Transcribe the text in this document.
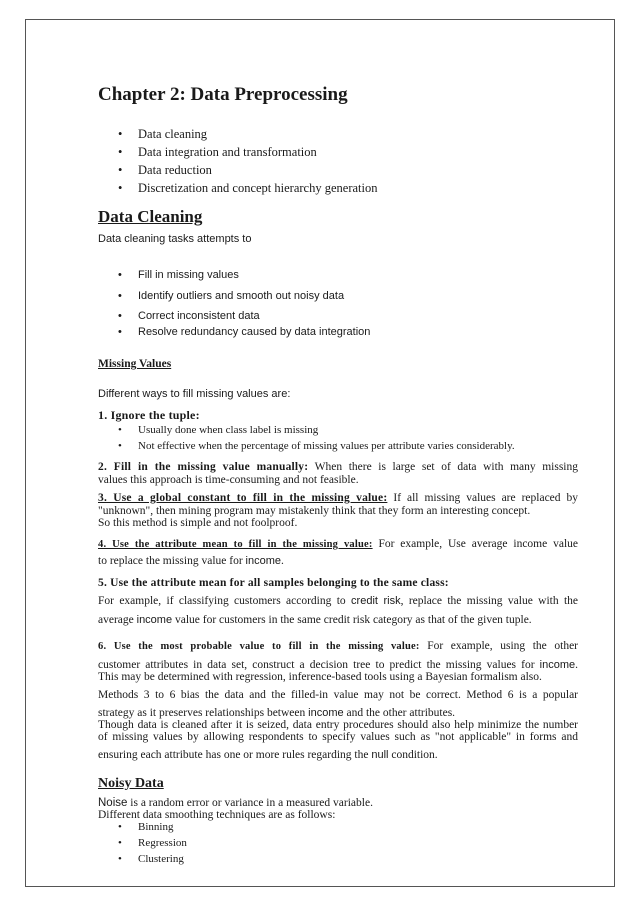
Chapter 2: Data Preprocessing
• Data cleaning
• Data integration and transformation
• Data reduction
• Discretization and concept hierarchy generation
Data Cleaning
Data cleaning tasks attempts to
• Fill in missing values
• Identify outliers and smooth out noisy data
• Correct inconsistent data
• Resolve redundancy caused by data integration
Missing Values
Different ways to fill missing values are:
1. Ignore the tuple:
• Usually done when class label is missing
• Not effective when the percentage of missing values per attribute varies considerably.
2. Fill in the missing value manually: When there is large set of data with many missing
values this approach is time-consuming and not feasible.
3. Use a global constant to fill in the missing value: If all missing values are replaced by
"unknown", then mining program may mistakenly think that they form an interesting concept.
So this method is simple and not foolproof.
4. Use the attribute mean to fill in the missing value: For example, Use average income value
to replace the missing value for income.
5. Use the attribute mean for all samples belonging to the same class:
For example, if classifying customers according to credit risk, replace the missing value with the
average income value for customers in the same credit risk category as that of the given tuple.
6. Use the most probable value to fill in the missing value: For example, using the other
customer attributes in data set, construct a decision tree to predict the missing values for income.
This may be determined with regression, inference-based tools using a Bayesian formalism also.
Methods 3 to 6 bias the data and the filled-in value may not be correct. Method 6 is a popular
strategy as it preserves relationships between income and the other attributes.
Though data is cleaned after it is seized, data entry procedures should also help minimize the number
of missing values by allowing respondents to specify values such as "not applicable" in forms and
ensuring each attribute has one or more rules regarding the null condition.
Noisy Data
Noise is a random error or variance in a measured variable.
Different data smoothing techniques are as follows:
• Binning
• Regression
• Clustering
